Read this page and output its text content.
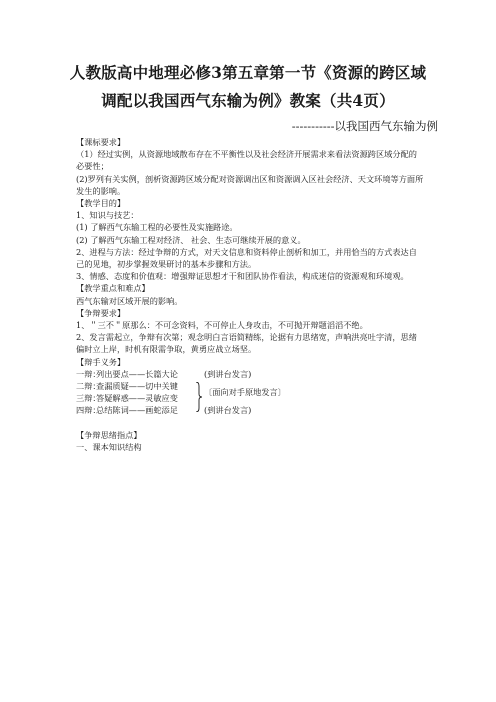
人教版高中地理必修3第五章第一节《资源的跨区域
调配以我国西气东输为例》教案（共4页）
-----------以我国西气东输为例

【课标要求】

（1）经过实例，从资源地域散布存在不平衡性以及社会经济开展需求来看法资源跨区域分配的必要性；

(2)罗列有关实例，剖析资源跨区域分配对资源调出区和资源调入区社会经济、天文环境等方面所发生的影响。

【教学目的】

1、知识与技艺：

(1) 了解西气东输工程的必要性及实施路途。

(2) 了解西气东输工程对经济、 社会、生态可继续开展的意义。

2、进程与方法：经过争辩的方式，对天文信息和资料停止剖析和加工，并用恰当的方式表达自己的见地，初步掌握效果研讨的基本步骤和方法。

3、情感、态度和价值观：增强辩证思想才干和团队协作看法，构成迷信的资源观和环境观。

【教学重点和难点】

西气东输对区域开展的影响。

【争辩要求】

1、＂三不＂原那么：不可念资料，不可停止人身攻击，不可抛开辩题滔滔不绝。

2、发言需起立，争辩有次第；观念明白言语简精练，论据有力思绪宽，声响洪亮吐字清，思绪偏时立上岸，时机有限需争取，黄勇应战立场坚。

【辩手义务】

一辩：列出要点——长篇大论
二辩：查漏质疑——切中关键
三辩：答疑解惑——灵敏应变
四辩：总结陈词——画蛇添足
(到讲台发言)
〔面向对手原地发言〕
(到讲台发言)

【争辩思绪指点】

一、课本知识结构
